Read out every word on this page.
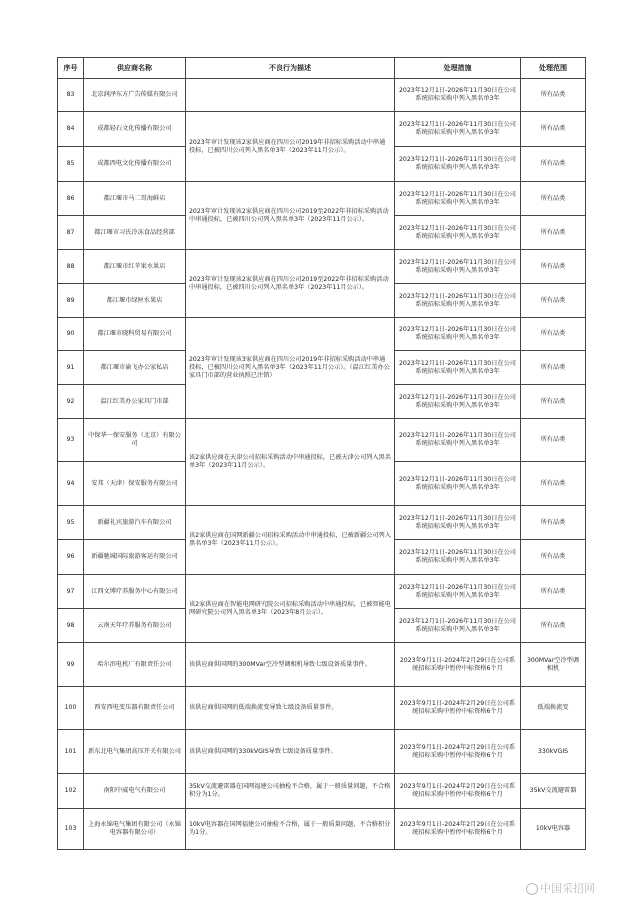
序号	供应商名称	不良行为描述	处理措施	处理范围
83	北京润泽东方广告传媒有限公司		2023年12月1日-2026年11月30日在公司系统招标采购中列入黑名单3年	所有品类
84	成都轻石文化传播有限公司	2023年审计发现该2家供应商在四川公司2019年非招标采购活动中串通投标，已被四川公司列入黑名单3年（2023年11月公示）。	2023年12月1日-2026年11月30日在公司系统招标采购中列入黑名单3年	所有品类
85	成都西电文化传播有限公司		2023年12月1日-2026年11月30日在公司系统招标采购中列入黑名单3年	所有品类
86	都江堰市马二哥海鲜店	2023年审计发现该2家供应商在四川公司2019至2022年非招标采购活动中串通投标，已被四川公司列入黑名单3年（2023年11月公示）。	2023年12月1日-2026年11月30日在公司系统招标采购中列入黑名单3年	所有品类
87	都江堰市习氏冷冻食品经营部		2023年12月1日-2026年11月30日在公司系统招标采购中列入黑名单3年	所有品类
88	都江堰市红苹果水果店	2023年审计发现该2家供应商在四川公司2019至2022年非招标采购活动中串通投标，已被四川公司列入黑名单3年（2023年11月公示）。	2023年12月1日-2026年11月30日在公司系统招标采购中列入黑名单3年	所有品类
89	都江堰市绿匣水果店		2023年12月1日-2026年11月30日在公司系统招标采购中列入黑名单3年	所有品类
90	都江堰市晓科贸易有限公司	2023年审计发现该3家供应商在四川公司2019年非招标采购活动中串通投标，已被四川公司列入黑名单3年（2023年11月公示）。（温江红美办公家具门市部的营业执照已注销）	2023年12月1日-2026年11月30日在公司系统招标采购中列入黑名单3年	所有品类
91	都江堰市渝飞办公家私店		2023年12月1日-2026年11月30日在公司系统招标采购中列入黑名单3年	所有品类
92	温江红美办公家具门市部		2023年12月1日-2026年11月30日在公司系统招标采购中列入黑名单3年	所有品类
93	中保华一保安服务（北京）有限公司	该2家供应商在天津公司招标采购活动中串通投标，已被天津公司列入黑名单3年（2023年11月公示）。	2023年12月1日-2026年11月30日在公司系统招标采购中列入黑名单3年	所有品类
94	安邦（天津）保安服务有限公司		2023年12月1日-2026年11月30日在公司系统招标采购中列入黑名单3年	所有品类
95	新疆礼宾旅游汽车有限公司	该2家供应商在国网新疆公司招标采购活动中串通投标，已被新疆公司列入黑名单3年（2023年11月公示）。	2023年12月1日-2026年11月30日在公司系统招标采购中列入黑名单3年	所有品类
96	新疆驰城国际旅游客运有限公司		2023年12月1日-2026年11月30日在公司系统招标采购中列入黑名单3年	所有品类
97	江西文博疗养服务中心有限公司	该2家供应商在智能电网研究院公司招标采购活动中串通投标，已被智能电网研究院公司列入黑名单3年（2023年8月公示）。	2023年12月1日-2026年11月30日在公司系统招标采购中列入黑名单3年	所有品类
98	云南天年疗养服务有限公司		2023年12月1日-2026年11月30日在公司系统招标采购中列入黑名单3年	所有品类
99	哈尔滨电机厂有限责任公司	该供应商供国网的300MVar空冷型调相机导致七级设备质量事件。	2023年9月1日-2024年2月29日在公司系统招标采购中暂停中标资格6个月	300MVar空冷型调相机
100	西安西电变压器有限责任公司	该供应商供国网的低端换流变导致七级设备质量事件。	2023年9月1日-2024年2月29日在公司系统招标采购中暂停中标资格6个月	低端换流变
101	新东北电气集团高压开关有限公司	该供应商供国网的330kVGIS导致七级设备质量事件。	2023年9月1日-2024年2月29日在公司系统招标采购中暂停中标资格6个月	330kVGIS
102	南阳中威电气有限公司	35kV交流避雷器在国网福建公司抽检不合格，属于一般质量问题，不合格积分为1分。	2023年9月1日-2024年2月29日在公司系统招标采购中暂停中标资格6个月	35kV交流避雷器
103	上海永锦电气集团有限公司（永锦电容器有限公司）	10kV电容器在国网福建公司抽检不合格，属于一般质量问题，不合格积分为1分。	2023年9月1日-2024年2月29日在公司系统招标采购中暂停中标资格6个月	10kV电容器
中国采招网
